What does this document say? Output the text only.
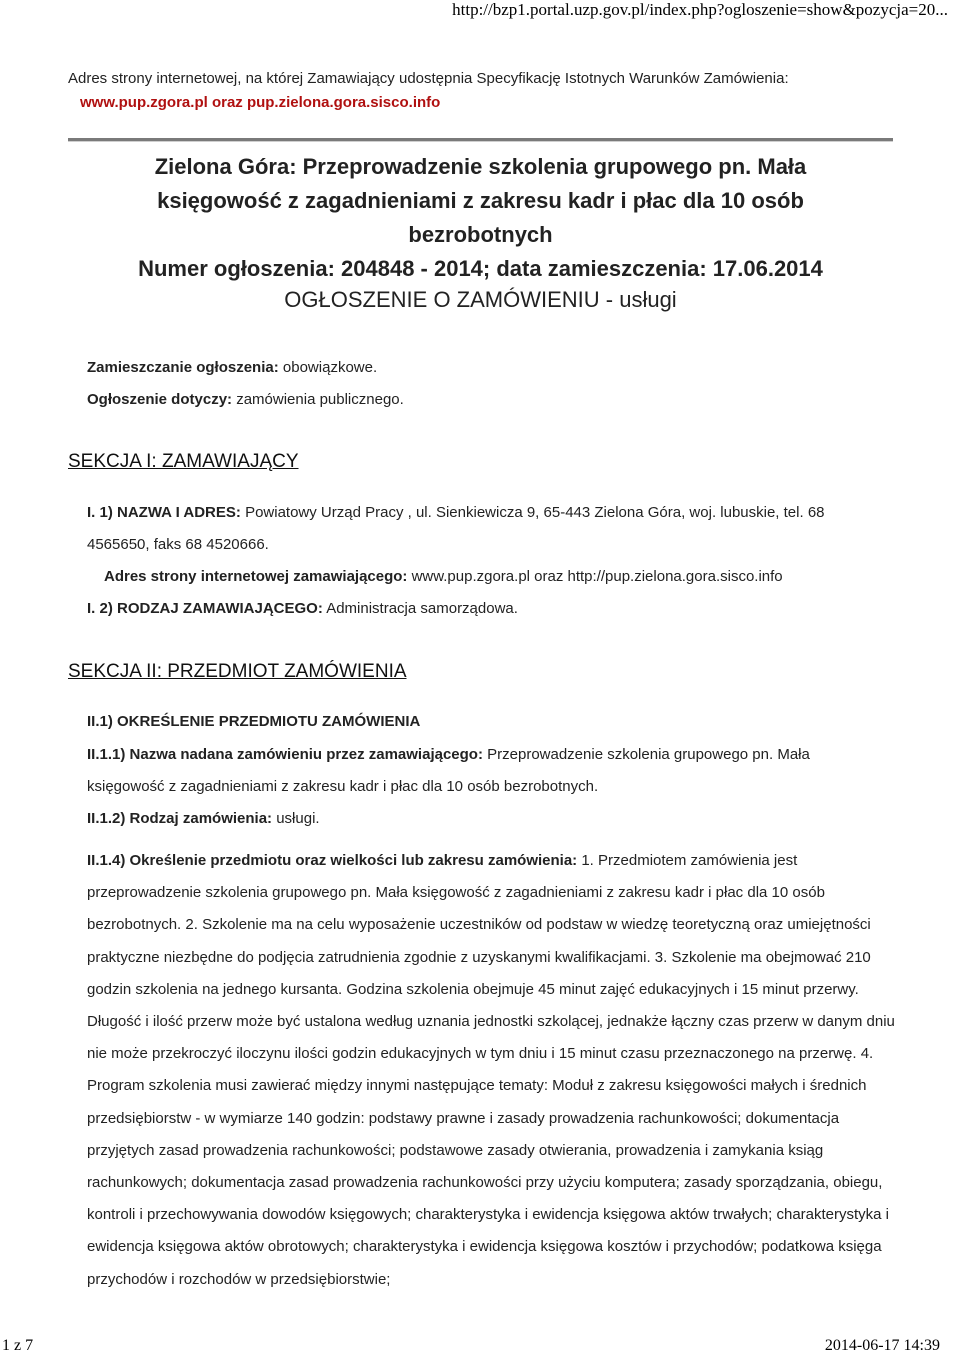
http://bzp1.portal.uzp.gov.pl/index.php?ogloszenie=show&pozycja=20...
Adres strony internetowej, na której Zamawiający udostępnia Specyfikację Istotnych Warunków Zamówienia:
www.pup.zgora.pl oraz pup.zielona.gora.sisco.info
Zielona Góra: Przeprowadzenie szkolenia grupowego pn. Mała
księgowość z zagadnieniami z zakresu kadr i płac dla 10 osób
bezrobotnych
Numer ogłoszenia: 204848 - 2014; data zamieszczenia: 17.06.2014
OGŁOSZENIE O ZAMÓWIENIU - usługi
Zamieszczanie ogłoszenia: obowiązkowe.
Ogłoszenie dotyczy: zamówienia publicznego.
SEKCJA I: ZAMAWIAJĄCY
I. 1) NAZWA I ADRES: Powiatowy Urząd Pracy , ul. Sienkiewicza 9, 65-443 Zielona Góra, woj. lubuskie, tel. 68
4565650, faks 68 4520666.
Adres strony internetowej zamawiającego: www.pup.zgora.pl oraz http://pup.zielona.gora.sisco.info
I. 2) RODZAJ ZAMAWIAJĄCEGO: Administracja samorządowa.
SEKCJA II: PRZEDMIOT ZAMÓWIENIA
II.1) OKREŚLENIE PRZEDMIOTU ZAMÓWIENIA
II.1.1) Nazwa nadana zamówieniu przez zamawiającego: Przeprowadzenie szkolenia grupowego pn. Mała
księgowość z zagadnieniami z zakresu kadr i płac dla 10 osób bezrobotnych.
II.1.2) Rodzaj zamówienia: usługi.
II.1.4) Określenie przedmiotu oraz wielkości lub zakresu zamówienia: 1. Przedmiotem zamówienia jest przeprowadzenie szkolenia grupowego pn. Mała księgowość z zagadnieniami z zakresu kadr i płac dla 10 osób bezrobotnych. 2. Szkolenie ma na celu wyposażenie uczestników od podstaw w wiedzę teoretyczną oraz umiejętności praktyczne niezbędne do podjęcia zatrudnienia zgodnie z uzyskanymi kwalifikacjami. 3. Szkolenie ma obejmować 210 godzin szkolenia na jednego kursanta. Godzina szkolenia obejmuje 45 minut zajęć edukacyjnych i 15 minut przerwy. Długość i ilość przerw może być ustalona według uznania jednostki szkolącej, jednakże łączny czas przerw w danym dniu nie może przekroczyć iloczynu ilości godzin edukacyjnych w tym dniu i 15 minut czasu przeznaczonego na przerwę. 4. Program szkolenia musi zawierać między innymi następujące tematy: Moduł z zakresu księgowości małych i średnich przedsiębiorstw - w wymiarze 140 godzin: podstawy prawne i zasady prowadzenia rachunkowości; dokumentacja przyjętych zasad prowadzenia rachunkowości; podstawowe zasady otwierania, prowadzenia i zamykania ksiąg rachunkowych; dokumentacja zasad prowadzenia rachunkowości przy użyciu komputera; zasady sporządzania, obiegu, kontroli i przechowywania dowodów księgowych; charakterystyka i ewidencja księgowa aktów trwałych; charakterystyka i ewidencja księgowa aktów obrotowych; charakterystyka i ewidencja księgowa kosztów i przychodów; podatkowa księga przychodów i rozchodów w przedsiębiorstwie;
1 z 7	2014-06-17 14:39
